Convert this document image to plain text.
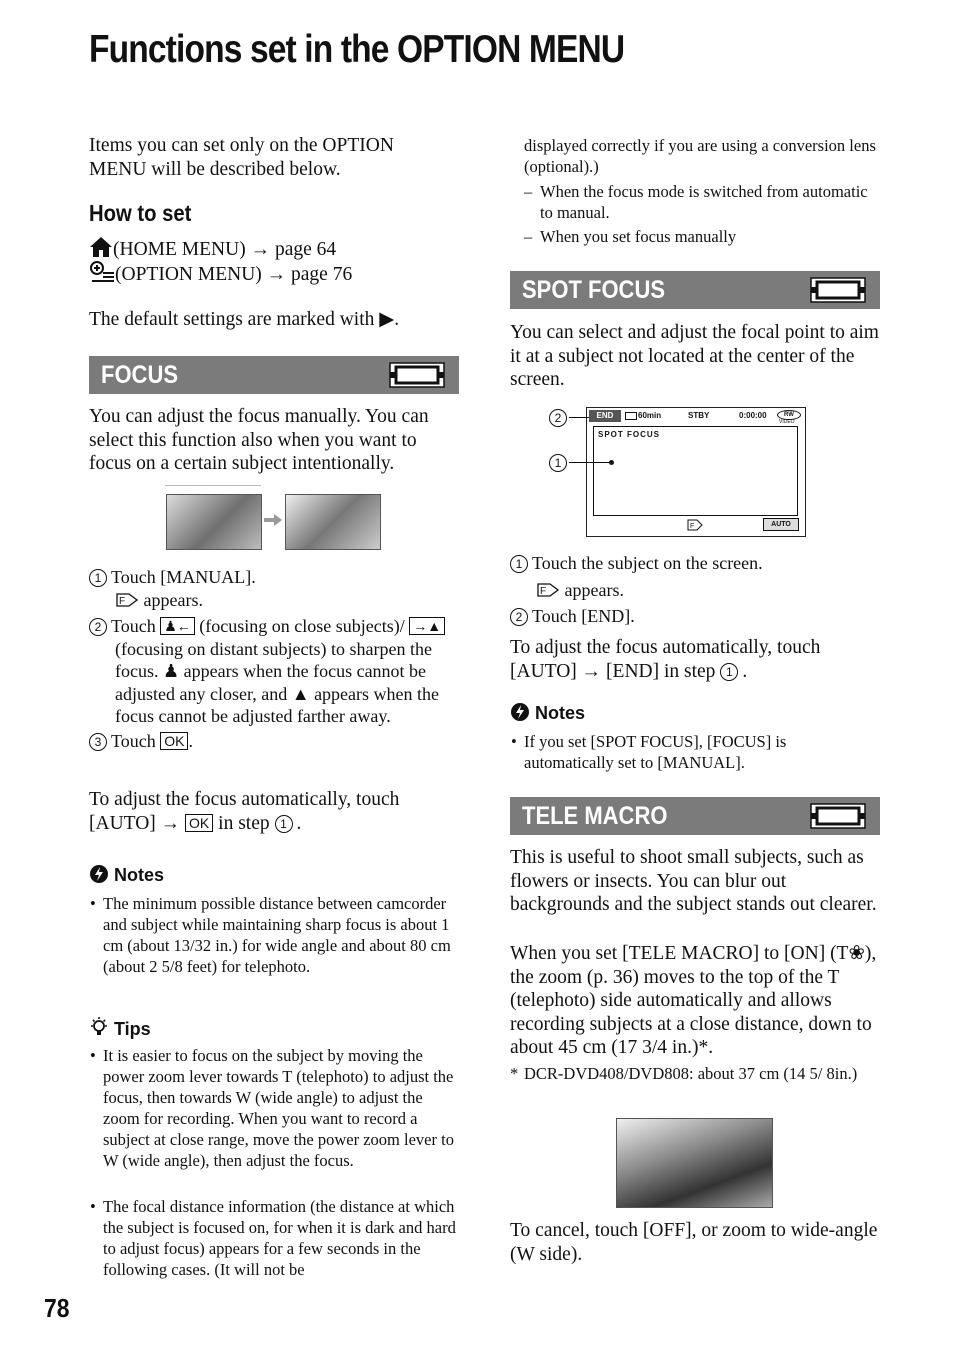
Functions set in the OPTION MENU
Items you can set only on the OPTION MENU will be described below.
How to set
(HOME MENU) → page 64
(OPTION MENU) → page 76
The default settings are marked with ▶.
FOCUS
You can adjust the focus manually. You can select this function also when you want to focus on a certain subject intentionally.
1 Touch [MANUAL].
F appears.
2 Touch ♟← (focusing on close subjects)/ →▲ (focusing on distant subjects) to sharpen the focus. ♟ appears when the focus cannot be adjusted any closer, and ▲ appears when the focus cannot be adjusted farther away.
3 Touch OK .
To adjust the focus automatically, touch [AUTO] → OK in step 1 .
Notes
• The minimum possible distance between camcorder and subject while maintaining sharp focus is about 1 cm (about 13/32 in.) for wide angle and about 80 cm (about 2 5/8 feet) for telephoto.
Tips
• It is easier to focus on the subject by moving the power zoom lever towards T (telephoto) to adjust the focus, then towards W (wide angle) to adjust the zoom for recording. When you want to record a subject at close range, move the power zoom lever to W (wide angle), then adjust the focus.
• The focal distance information (the distance at which the subject is focused on, for when it is dark and hard to adjust focus) appears for a few seconds in the following cases. (It will not be
78
displayed correctly if you are using a conversion lens (optional).)
– When the focus mode is switched from automatic to manual.
– When you set focus manually
SPOT FOCUS
You can select and adjust the focal point to aim it at a subject not located at the center of the screen.
END	60min	STBY	0:00:00	RW
VIDEO
SPOT FOCUS
F	AUTO
2
1
1 Touch the subject on the screen.
F appears.
2 Touch [END].
To adjust the focus automatically, touch [AUTO] → [END] in step 1 .
Notes
• If you set [SPOT FOCUS], [FOCUS] is automatically set to [MANUAL].
TELE MACRO
This is useful to shoot small subjects, such as flowers or insects. You can blur out backgrounds and the subject stands out clearer.
When you set [TELE MACRO] to [ON] (T❀), the zoom (p. 36) moves to the top of the T (telephoto) side automatically and allows recording subjects at a close distance, down to about 45 cm (17 3/4 in.)*.
* DCR-DVD408/DVD808: about 37 cm (14 5/ 8in.)
To cancel, touch [OFF], or zoom to wide-angle (W side).
